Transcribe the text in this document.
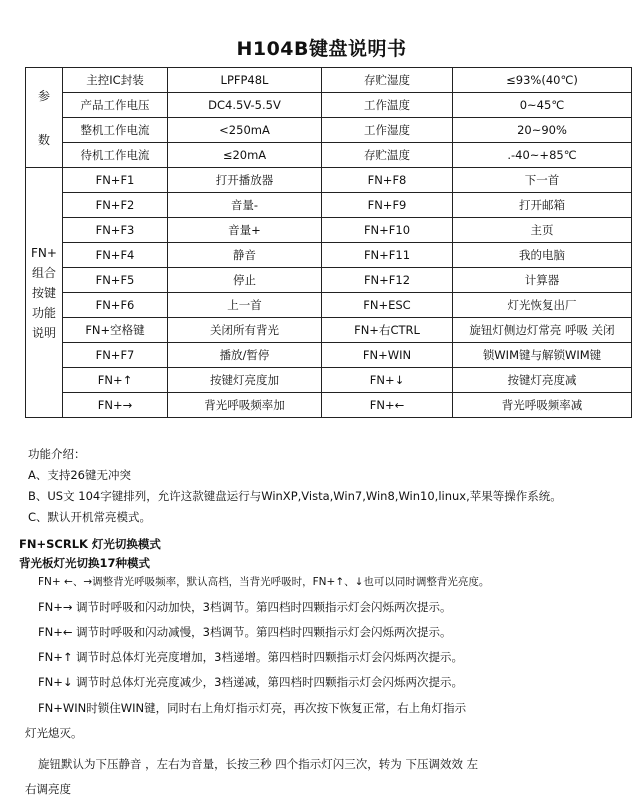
H104B键盘说明书
参
数	主控IC封装	LPFP48L	存贮湿度	≤93%(40℃)
	产品工作电压	DC4.5V-5.5V	工作温度	0~45℃
	整机工作电流	<250mA	工作湿度	20~90%
	待机工作电流	≤20mA	存贮温度	.-40~+85℃

FN+
组合
按键
功能
说明	FN+F1	打开播放器	FN+F8	下一首
	FN+F2	音量-	FN+F9	打开邮箱
	FN+F3	音量+	FN+F10	主页
	FN+F4	静音	FN+F11	我的电脑
	FN+F5	停止	FN+F12	计算器
	FN+F6	上一首	FN+ESC	灯光恢复出厂
	FN+空格键	关闭所有背光	FN+右CTRL	旋钮灯侧边灯常亮 呼吸 关闭
	FN+F7	播放/暂停	FN+WIN	锁WIM键与解锁WIM键
	FN+↑	按键灯亮度加	FN+↓	按键灯亮度减
	FN+→	背光呼吸频率加	FN+←	背光呼吸频率减
功能介绍：
A、支持26键无冲突
B、US文 104字键排列，允许这款键盘运行与WinXP,Vista,Win7,Win8,Win10,linux,苹果等操作系统。
C、默认开机常亮模式。
FN+SCRLK 灯光切换模式
背光板灯光切换17种模式
FN+ ←、→调整背光呼吸频率，默认高档，当背光呼吸时，FN+↑、↓也可以同时调整背光亮度。
FN+→ 调节时呼吸和闪动加快，3档调节。第四档时四颗指示灯会闪烁两次提示。
FN+← 调节时呼吸和闪动减慢，3档调节。第四档时四颗指示灯会闪烁两次提示。
FN+↑ 调节时总体灯光亮度增加，3档递增。第四档时四颗指示灯会闪烁两次提示。
FN+↓ 调节时总体灯光亮度减少，3档递减，第四档时四颗指示灯会闪烁两次提示。
FN+WIN时锁住WIN键，同时右上角灯指示灯亮，再次按下恢复正常，右上角灯指示
灯光熄灭。
旋钮默认为下压静音 ，左右为音量，长按三秒 四个指示灯闪三次，转为 下压调效效 左
右调亮度
